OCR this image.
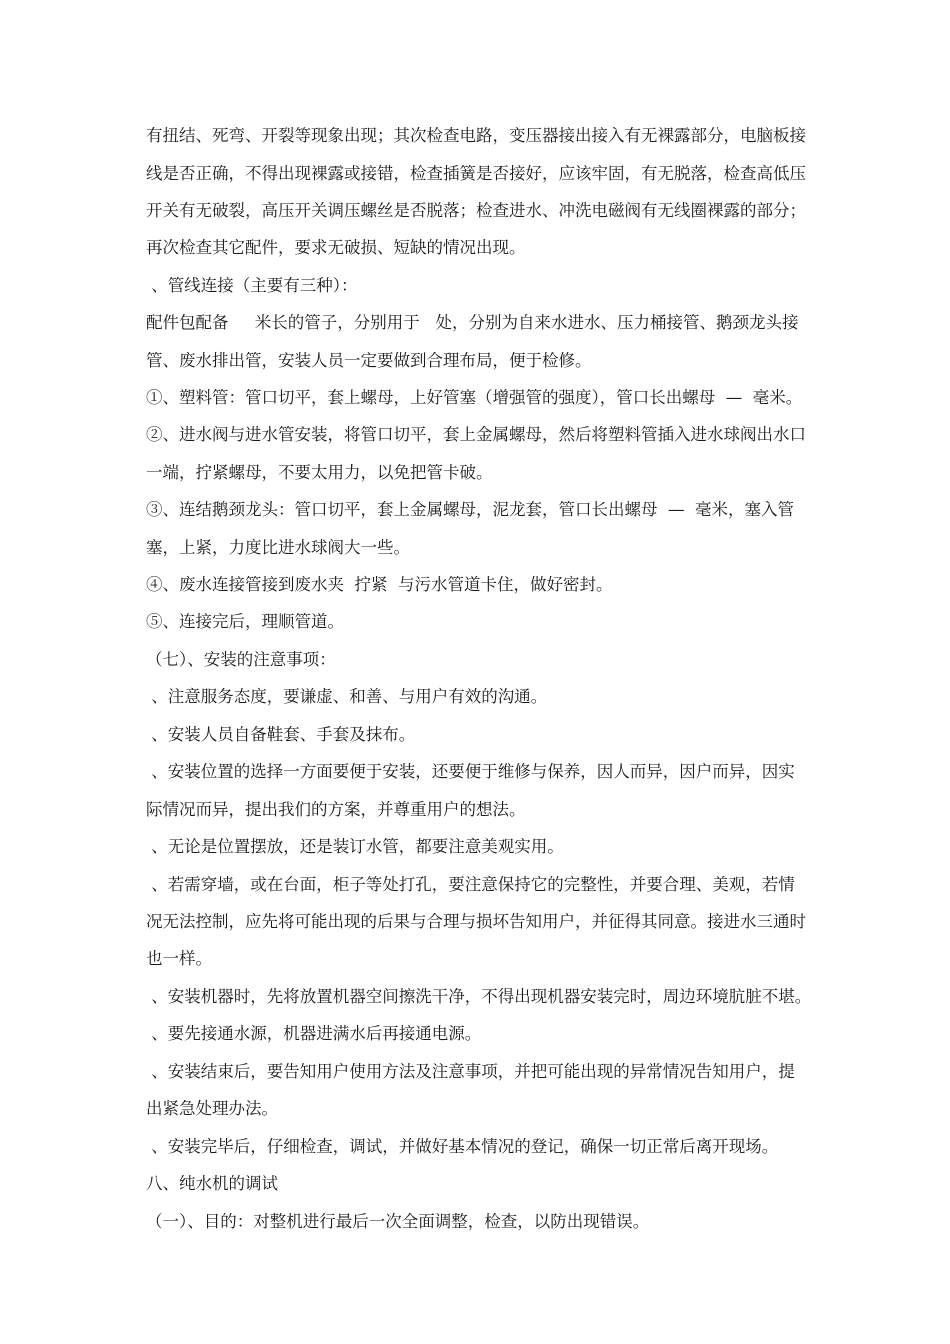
有扭结、死弯、开裂等现象出现；其次检查电路，变压器接出接入有无裸露部分，电脑板接
线是否正确，不得出现裸露或接错，检查插簧是否接好，应该牢固，有无脱落，检查高低压
开关有无破裂，高压开关调压螺丝是否脱落；检查进水、冲洗电磁阀有无线圈裸露的部分；
再次检查其它配件，要求无破损、短缺的情况出现。
、管线连接（主要有三种）：
配件包配备     米长的管子，分别用于   处，分别为自来水进水、压力桶接管、鹅颈龙头接
管、废水排出管，安装人员一定要做到合理布局，便于检修。
①、塑料管：管口切平，套上螺母，上好管塞（增强管的强度），管口长出螺母  —  毫米。
②、进水阀与进水管安装，将管口切平，套上金属螺母，然后将塑料管插入进水球阀出水口
一端，拧紧螺母，不要太用力，以免把管卡破。
③、连结鹅颈龙头：管口切平，套上金属螺母，泥龙套，管口长出螺母  —  毫米，塞入管
塞，上紧，力度比进水球阀大一些。
④、废水连接管接到废水夹  拧紧  与污水管道卡住，做好密封。
⑤、连接完后，理顺管道。
（七）、安装的注意事项：
、注意服务态度，要谦虚、和善、与用户有效的沟通。
、安装人员自备鞋套、手套及抹布。
、安装位置的选择一方面要便于安装，还要便于维修与保养，因人而异，因户而异，因实
际情况而异，提出我们的方案，并尊重用户的想法。
、无论是位置摆放，还是装订水管，都要注意美观实用。
、若需穿墙，或在台面，柜子等处打孔，要注意保持它的完整性，并要合理、美观，若情
况无法控制，应先将可能出现的后果与合理与损坏告知用户，并征得其同意。接进水三通时
也一样。
、安装机器时，先将放置机器空间擦洗干净，不得出现机器安装完时，周边环境肮脏不堪。
、要先接通水源，机器进满水后再接通电源。
、安装结束后，要告知用户使用方法及注意事项，并把可能出现的异常情况告知用户，提
出紧急处理办法。
、安装完毕后，仔细检查，调试，并做好基本情况的登记，确保一切正常后离开现场。
八、纯水机的调试
（一）、目的：对整机进行最后一次全面调整，检查，以防出现错误。
